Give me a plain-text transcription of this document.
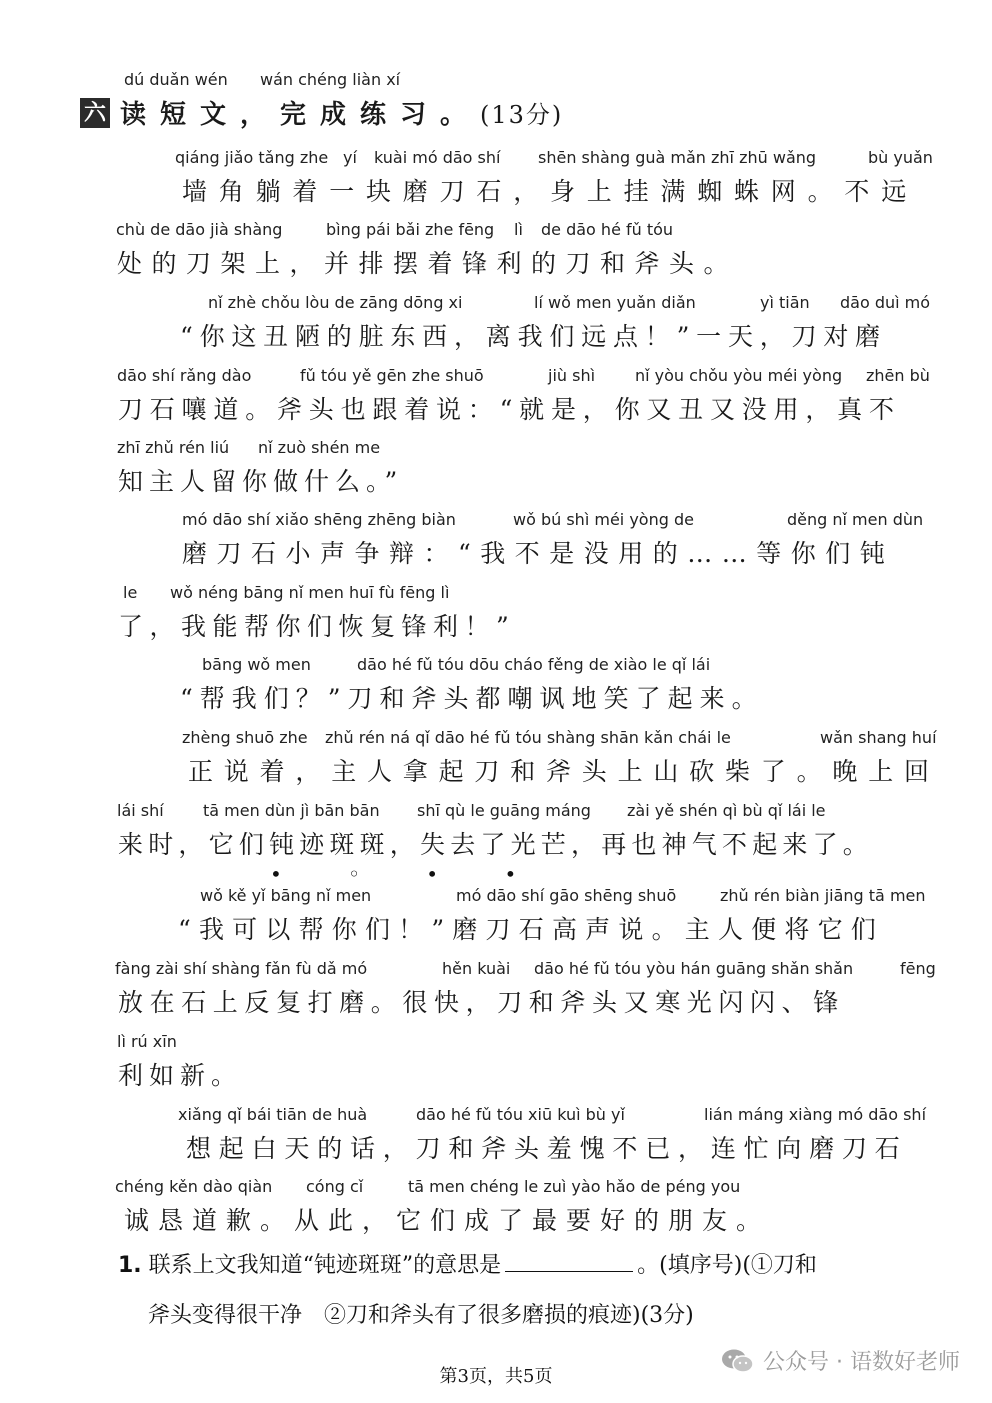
dú duǎn wén wán chéng liàn xí
六 读短文，完成练习。 (13分)
qiáng jiǎo tǎng zhe yí kuài mó dāo shí shēn shàng guà mǎn zhī zhū wǎng	bù yuǎn
墙角躺着一块磨刀石，身上挂满蜘蛛网。不远
chù de dāo jià shàng	bìng pái bǎi zhe fēng lì de dāo hé fǔ tóu
处的刀架上，并排摆着锋利的刀和斧头。
nǐ zhè chǒu lòu de zāng dōng xi	lí wǒ men yuǎn diǎn	yì tiān dāo duì mó
“你这丑陋的脏东西，离我们远点！”一天，刀对磨
dāo shí rǎng dào	fǔ tóu yě gēn zhe shuō	jiù shì nǐ yòu chǒu yòu méi yòng zhēn bù
刀石嚷道。斧头也跟着说：“就是，你又丑又没用，真不
zhī zhǔ rén liú nǐ zuò shén me
知主人留你做什么。”
mó dāo shí xiǎo shēng zhēng biàn	wǒ bú shì méi yòng de	děng nǐ men dùn
磨刀石小声争辩：“我不是没用的……等你们钝
le wǒ néng bāng nǐ men huī fù fēng lì
了，我能帮你们恢复锋利！”
bāng wǒ men	dāo hé fǔ tóu dōu cháo fěng de xiào le qǐ lái
“帮我们？”刀和斧头都嘲讽地笑了起来。
zhèng shuō zhe zhǔ rén ná qǐ dāo hé fǔ tóu shàng shān kǎn chái le	wǎn shang huí
正说着，主人拿起刀和斧头上山砍柴了。晚上回
lái shí tā men dùn jì bān bān shī qù le guāng máng zài yě shén qì bù qǐ lái le
来时，它们钝迹斑斑，失去了光芒，再也神气不起来了。
• ◦ • •
wǒ kě yǐ bāng nǐ men	mó dāo shí gāo shēng shuō	zhǔ rén biàn jiāng tā men
“我可以帮你们！”磨刀石高声说。主人便将它们
fàng zài shí shàng fǎn fù dǎ mó	hěn kuài dāo hé fǔ tóu yòu hán guāng shǎn shǎn	fēng
放在石上反复打磨。很快，刀和斧头又寒光闪闪、锋
lì rú xīn
利如新。
xiǎng qǐ bái tiān de huà	dāo hé fǔ tóu xiū kuì bù yǐ	lián máng xiàng mó dāo shí
想起白天的话，刀和斧头羞愧不已，连忙向磨刀石
chéng kěn dào qiàn cóng cǐ	tā men chéng le zuì yào hǎo de péng you
诚恳道歉。从此，它们成了最要好的朋友。
1. 联系上文我知道“钝迹斑斑”的意思是	。(填序号)(①刀和
斧头变得很干净　②刀和斧头有了很多磨损的痕迹)(3分)
第3页，共5页
公众号 · 语数好老师
